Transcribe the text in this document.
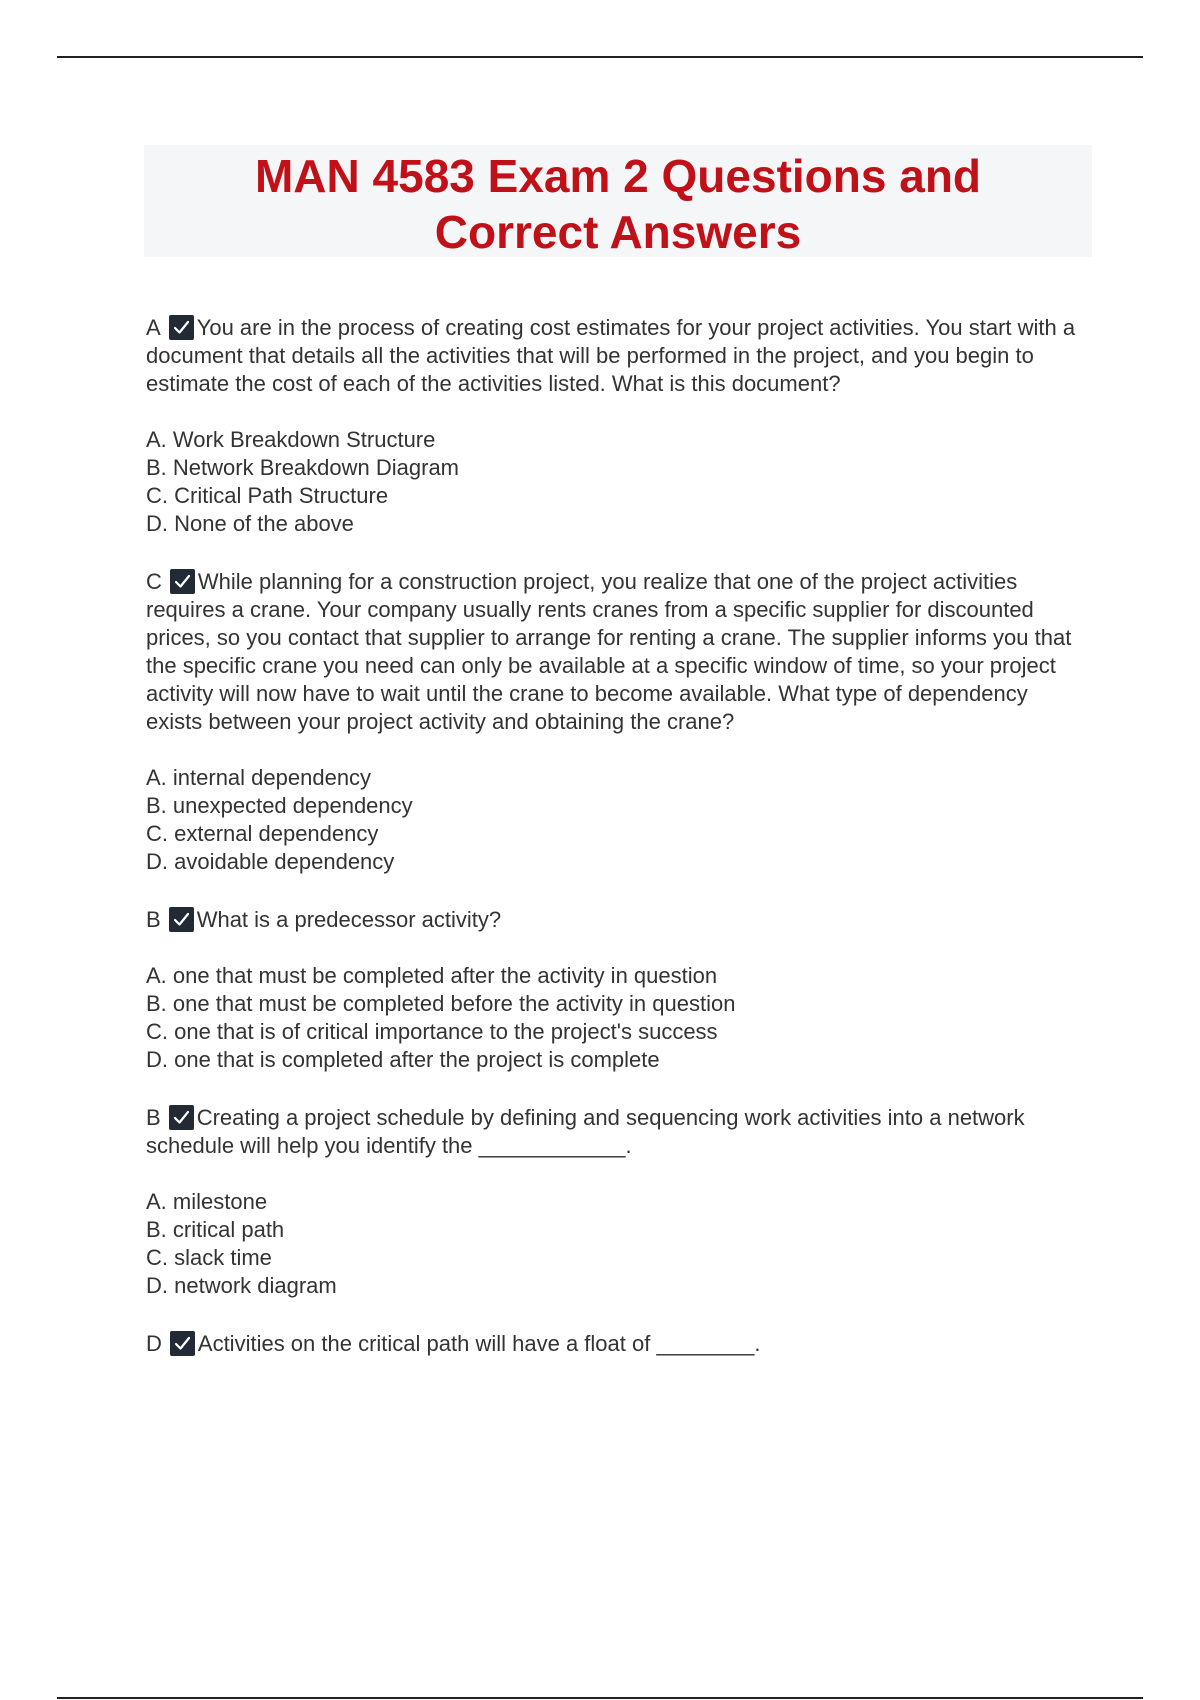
MAN 4583 Exam 2 Questions and
Correct Answers

A You are in the process of creating cost estimates for your project activities. You start with a document that details all the activities that will be performed in the project, and you begin to estimate the cost of each of the activities listed. What is this document?

A. Work Breakdown Structure
B. Network Breakdown Diagram
C. Critical Path Structure
D. None of the above

C While planning for a construction project, you realize that one of the project activities requires a crane. Your company usually rents cranes from a specific supplier for discounted prices, so you contact that supplier to arrange for renting a crane. The supplier informs you that the specific crane you need can only be available at a specific window of time, so your project activity will now have to wait until the crane to become available. What type of dependency exists between your project activity and obtaining the crane?

A. internal dependency
B. unexpected dependency
C. external dependency
D. avoidable dependency

B What is a predecessor activity?

A. one that must be completed after the activity in question
B. one that must be completed before the activity in question
C. one that is of critical importance to the project's success
D. one that is completed after the project is complete

B Creating a project schedule by defining and sequencing work activities into a network schedule will help you identify the ____________.

A. milestone
B. critical path
C. slack time
D. network diagram

D Activities on the critical path will have a float of ________.
